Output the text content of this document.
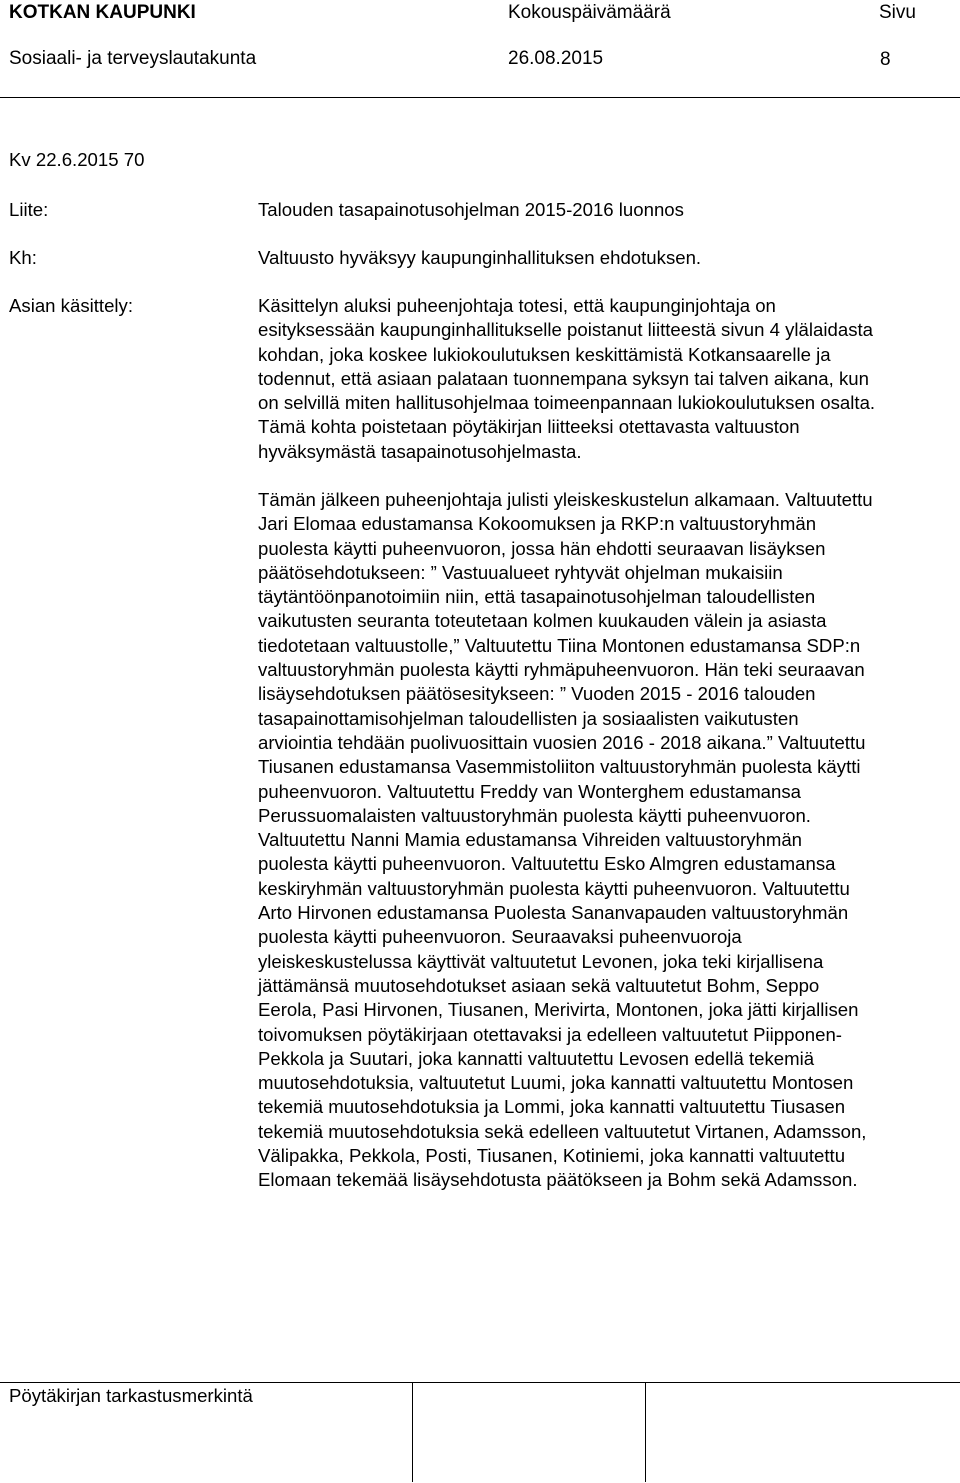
KOTKAN KAUPUNKI	Kokouspäivämäärä	Sivu
Sosiaali- ja terveyslautakunta	26.08.2015	8
Kv 22.6.2015 70
Liite:	Talouden tasapainotusohjelman 2015-2016 luonnos
Kh:	Valtuusto hyväksyy kaupunginhallituksen ehdotuksen.
Asian käsittely:	Käsittelyn aluksi puheenjohtaja totesi, että kaupunginjohtaja on
esityksessään kaupunginhallitukselle poistanut liitteestä sivun 4 ylälaidasta
kohdan, joka koskee lukiokoulutuksen keskittämistä Kotkansaarelle ja
todennut, että asiaan palataan tuonnempana syksyn tai talven aikana, kun
on selvillä miten hallitusohjelmaa toimeenpannaan lukiokoulutuksen osalta.
Tämä kohta poistetaan pöytäkirjan liitteeksi otettavasta valtuuston
hyväksymästä tasapainotusohjelmasta.
Tämän jälkeen puheenjohtaja julisti yleiskeskustelun alkamaan. Valtuutettu
Jari Elomaa edustamansa Kokoomuksen ja RKP:n valtuustoryhmän
puolesta käytti puheenvuoron, jossa hän ehdotti seuraavan lisäyksen
päätösehdotukseen: ” Vastuualueet ryhtyvät ohjelman mukaisiin
täytäntöönpanotoimiin niin, että tasapainotusohjelman taloudellisten
vaikutusten seuranta toteutetaan kolmen kuukauden välein ja asiasta
tiedotetaan valtuustolle,” Valtuutettu Tiina Montonen edustamansa SDP:n
valtuustoryhmän puolesta käytti ryhmäpuheenvuoron. Hän teki seuraavan
lisäysehdotuksen päätösesitykseen: ” Vuoden 2015 - 2016 talouden
tasapainottamisohjelman taloudellisten ja sosiaalisten vaikutusten
arviointia tehdään puolivuosittain vuosien 2016 - 2018 aikana.” Valtuutettu
Tiusanen edustamansa Vasemmistoliiton valtuustoryhmän puolesta käytti
puheenvuoron. Valtuutettu Freddy van Wonterghem edustamansa
Perussuomalaisten valtuustoryhmän puolesta käytti puheenvuoron.
Valtuutettu Nanni Mamia edustamansa Vihreiden valtuustoryhmän
puolesta käytti puheenvuoron. Valtuutettu Esko Almgren edustamansa
keskiryhmän valtuustoryhmän puolesta käytti puheenvuoron. Valtuutettu
Arto Hirvonen edustamansa Puolesta Sananvapauden valtuustoryhmän
puolesta käytti puheenvuoron. Seuraavaksi puheenvuoroja
yleiskeskustelussa käyttivät valtuutetut Levonen, joka teki kirjallisena
jättämänsä muutosehdotukset asiaan sekä valtuutetut Bohm, Seppo
Eerola, Pasi Hirvonen, Tiusanen, Merivirta, Montonen, joka jätti kirjallisen
toivomuksen pöytäkirjaan otettavaksi ja edelleen valtuutetut Piipponen-
Pekkola ja Suutari, joka kannatti valtuutettu Levosen edellä tekemiä
muutosehdotuksia, valtuutetut Luumi, joka kannatti valtuutettu Montosen
tekemiä muutosehdotuksia ja Lommi, joka kannatti valtuutettu Tiusasen
tekemiä muutosehdotuksia sekä edelleen valtuutetut Virtanen, Adamsson,
Välipakka, Pekkola, Posti, Tiusanen, Kotiniemi, joka kannatti valtuutettu
Elomaan tekemää lisäysehdotusta päätökseen ja Bohm sekä Adamsson.
Pöytäkirjan tarkastusmerkintä
